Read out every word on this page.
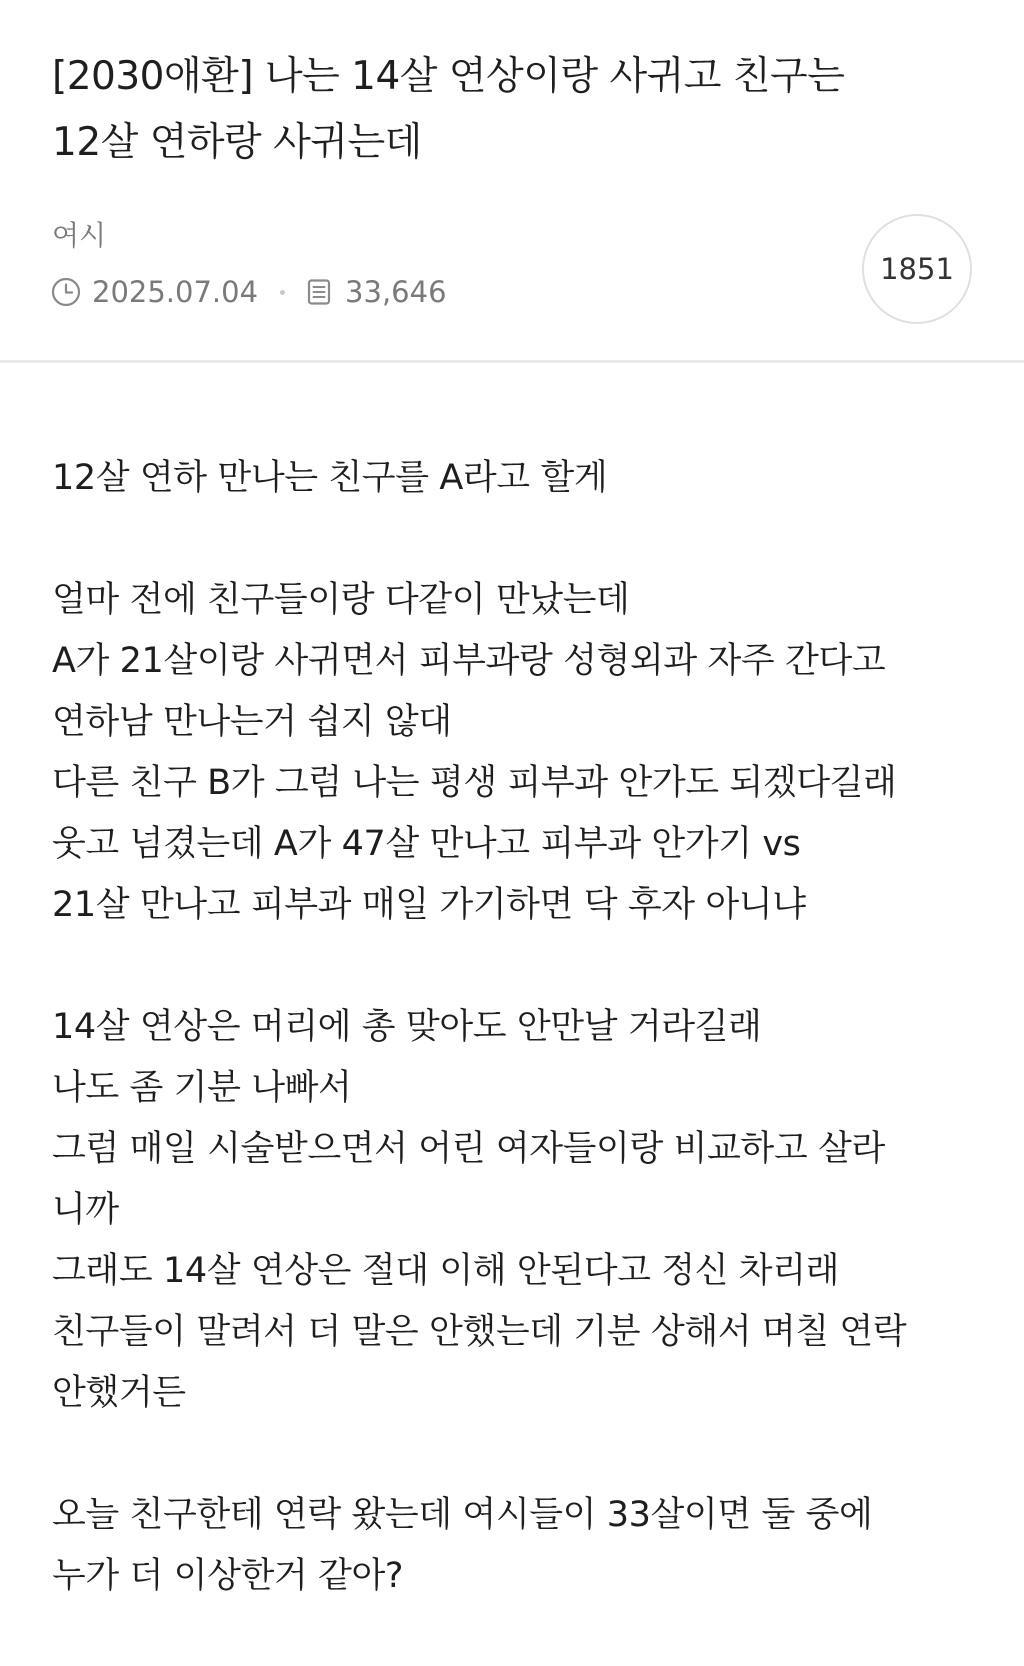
[2030애환] 나는 14살 연상이랑 사귀고 친구는
12살 연하랑 사귀는데
여시
2025.07.04	33,646
1851

12살 연하 만나는 친구를 A라고 할게

얼마 전에 친구들이랑 다같이 만났는데
A가 21살이랑 사귀면서 피부과랑 성형외과 자주 간다고
연하남 만나는거 쉽지 않대
다른 친구 B가 그럼 나는 평생 피부과 안가도 되겠다길래
웃고 넘겼는데 A가 47살 만나고 피부과 안가기 vs
21살 만나고 피부과 매일 가기하면 닥 후자 아니냐

14살 연상은 머리에 총 맞아도 안만날 거라길래
나도 좀 기분 나빠서
그럼 매일 시술받으면서 어린 여자들이랑 비교하고 살라
니까
그래도 14살 연상은 절대 이해 안된다고 정신 차리래
친구들이 말려서 더 말은 안했는데 기분 상해서 며칠 연락
안했거든

오늘 친구한테 연락 왔는데 여시들이 33살이면 둘 중에
누가 더 이상한거 같아?
